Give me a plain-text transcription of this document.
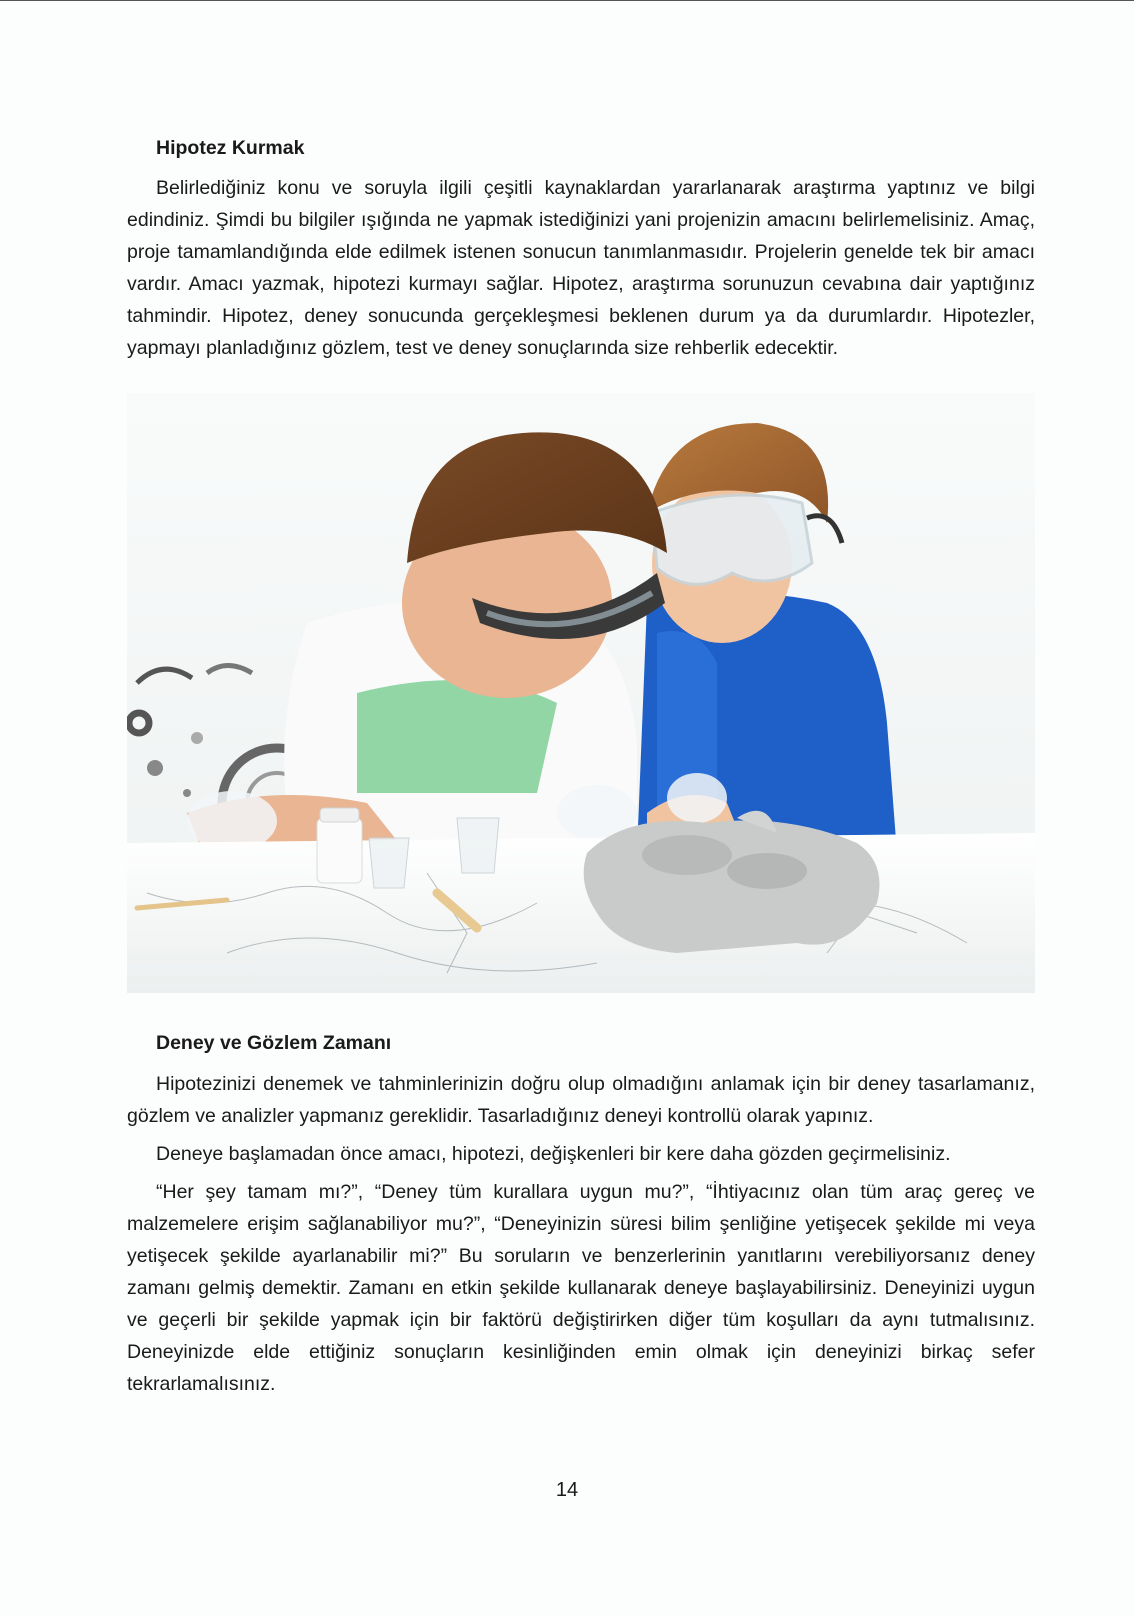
Hipotez Kurmak

Belirlediğiniz konu ve soruyla ilgili çeşitli kaynaklardan yararlanarak araştırma yaptınız ve bilgi edindiniz. Şimdi bu bilgiler ışığında ne yapmak istediğinizi yani projenizin amacını belirlemelisiniz. Amaç, proje tamamlandığında elde edilmek istenen sonucun tanımlanmasıdır. Projelerin genelde tek bir amacı vardır. Amacı yazmak, hipotezi kurmayı sağlar. Hipotez, araştırma sorunuzun cevabına dair yaptığınız tahmindir. Hipotez, deney sonucunda gerçekleşmesi beklenen durum ya da durumlardır. Hipotezler, yapmayı planladığınız gözlem, test ve deney sonuçlarında size rehberlik edecektir.

Deney ve Gözlem Zamanı

Hipotezinizi denemek ve tahminlerinizin doğru olup olmadığını anlamak için bir deney tasarlamanız, gözlem ve analizler yapmanız gereklidir. Tasarladığınız deneyi kontrollü olarak yapınız.

Deneye başlamadan önce amacı, hipotezi, değişkenleri bir kere daha gözden geçirmelisiniz.

“Her şey tamam mı?”, “Deney tüm kurallara uygun mu?”, “İhtiyacınız olan tüm araç gereç ve malzemelere erişim sağlanabiliyor mu?”, “Deneyinizin süresi bilim şenliğine yetişecek şekilde mi veya yetişecek şekilde ayarlanabilir mi?” Bu soruların ve benzerlerinin yanıtlarını verebiliyorsanız deney zamanı gelmiş demektir. Zamanı en etkin şekilde kullanarak deneye başlayabilirsiniz. Deneyinizi uygun ve geçerli bir şekilde yapmak için bir faktörü değiştirirken diğer tüm koşulları da aynı tutmalısınız. Deneyinizde elde ettiğiniz sonuçların kesinliğinden emin olmak için deneyinizi birkaç sefer tekrarlamalısınız.

14
